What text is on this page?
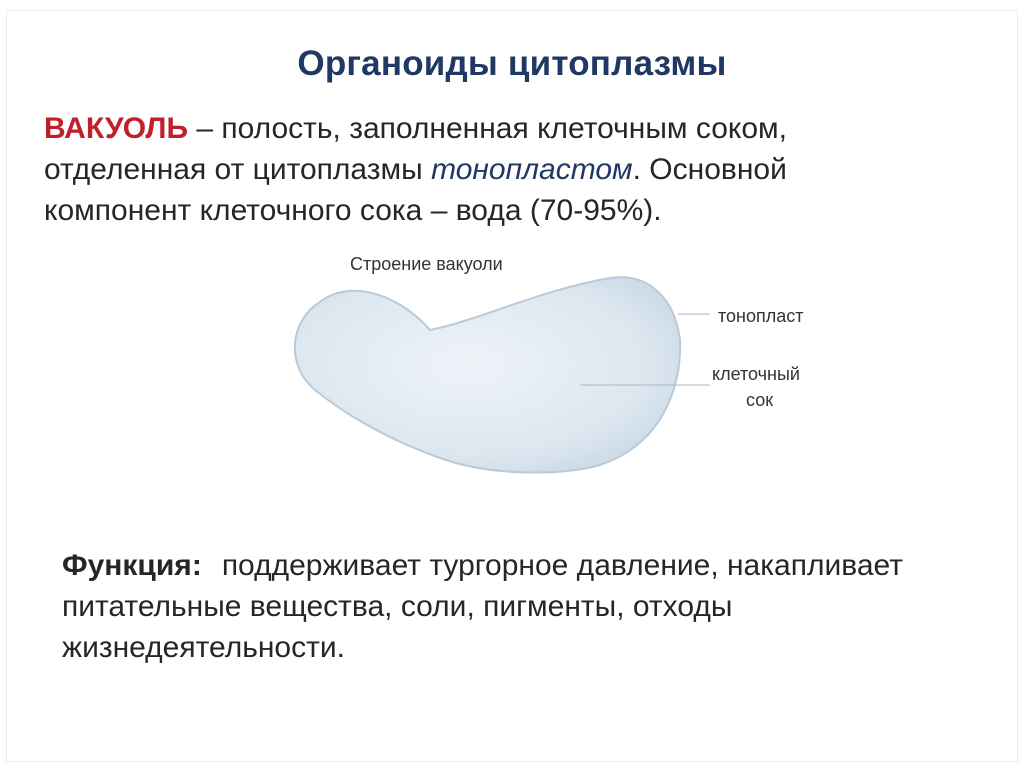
Органоиды цитоплазмы
ВАКУОЛЬ – полость, заполненная клеточным соком, отделенная от цитоплазмы тонопластом. Основной компонент клеточного сока – вода (70-95%).
Строение вакуоли
тонопласт
клеточный
сок
Функция: поддерживает тургорное давление, накапливает питательные вещества, соли, пигменты, отходы жизнедеятельности.
